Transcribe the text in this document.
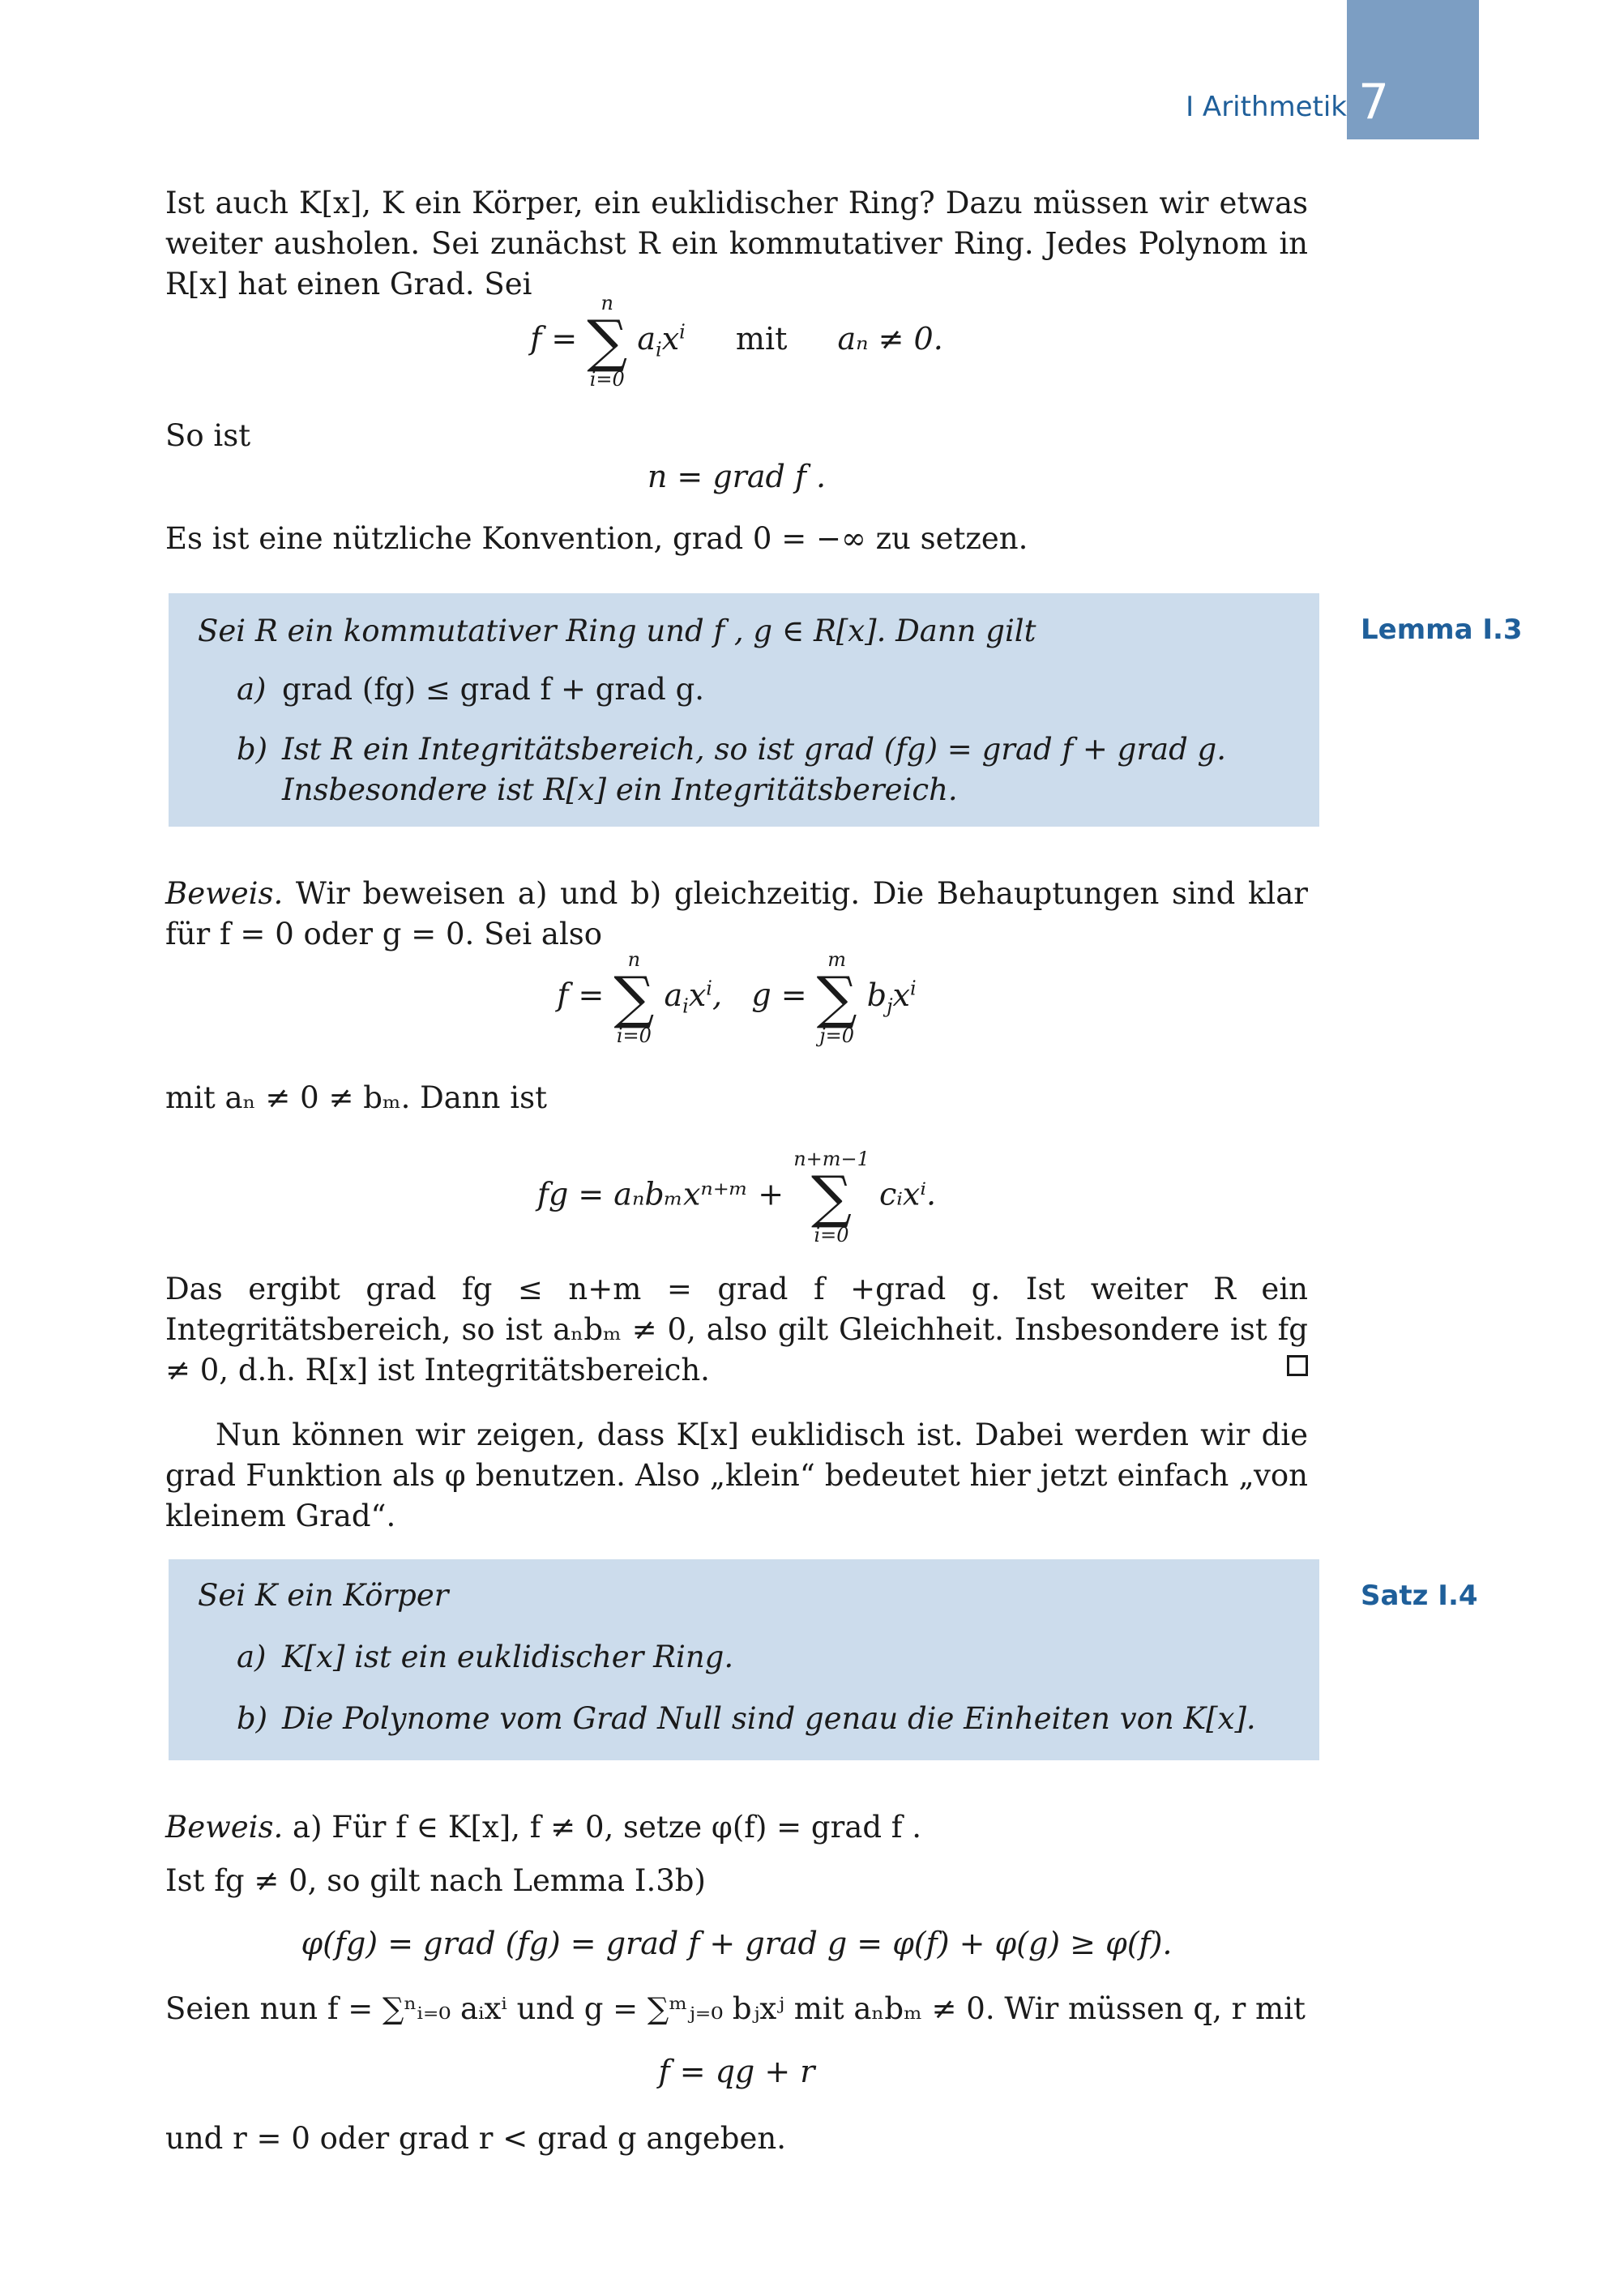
7
I Arithmetik
Ist auch K[x], K ein Körper, ein euklidischer Ring? Dazu müssen wir etwas weiter ausholen. Sei zunächst R ein kommutativer Ring. Jedes Polynom in R[x] hat einen Grad. Sei
f =
n
∑
i=0
$a_ix^i$ mit aₙ ≠ 0.
So ist
n = grad f .
Es ist eine nützliche Konvention, grad 0 = −∞ zu setzen.
Sei R ein kommutativer Ring und f , g ∈ R[x]. Dann gilt
a) grad (fg) ≤ grad f + grad g.
b) Ist R ein Integritätsbereich, so ist grad (fg) = grad f + grad g. Insbesondere ist R[x] ein Integritätsbereich.
Lemma I.3
Beweis. Wir beweisen a) und b) gleichzeitig. Die Behauptungen sind klar für f = 0 oder g = 0. Sei also
f =
n
∑
i=0
$a_ix^i$,   g =
m
∑
j=0
$b_jx^i$
mit aₙ ≠ 0 ≠ bₘ. Dann ist
fg = aₙbₘxⁿ⁺ᵐ +
n+m−1
∑
i=0
cᵢxⁱ.
Das ergibt grad fg ≤ n+m = grad f +grad g. Ist weiter R ein Integritätsbereich, so ist aₙbₘ ≠ 0, also gilt Gleichheit. Insbesondere ist fg ≠ 0, d.h. R[x] ist Integritätsbereich.
Nun können wir zeigen, dass K[x] euklidisch ist. Dabei werden wir die grad Funktion als φ benutzen. Also „klein“ bedeutet hier jetzt einfach „von kleinem Grad“.
Sei K ein Körper
a) K[x] ist ein euklidischer Ring.
b) Die Polynome vom Grad Null sind genau die Einheiten von K[x].
Satz I.4
Beweis. a) Für f ∈ K[x], f ≠ 0, setze φ(f) = grad f .
Ist fg ≠ 0, so gilt nach Lemma I.3b)
φ(fg) = grad (fg) = grad f + grad g = φ(f) + φ(g) ≥ φ(f).
Seien nun f = ∑ⁿᵢ₌₀ aᵢxⁱ und g = ∑ᵐⱼ₌₀ bⱼxʲ mit aₙbₘ ≠ 0. Wir müssen q, r mit
f = qg + r
und r = 0 oder grad r < grad g angeben.
